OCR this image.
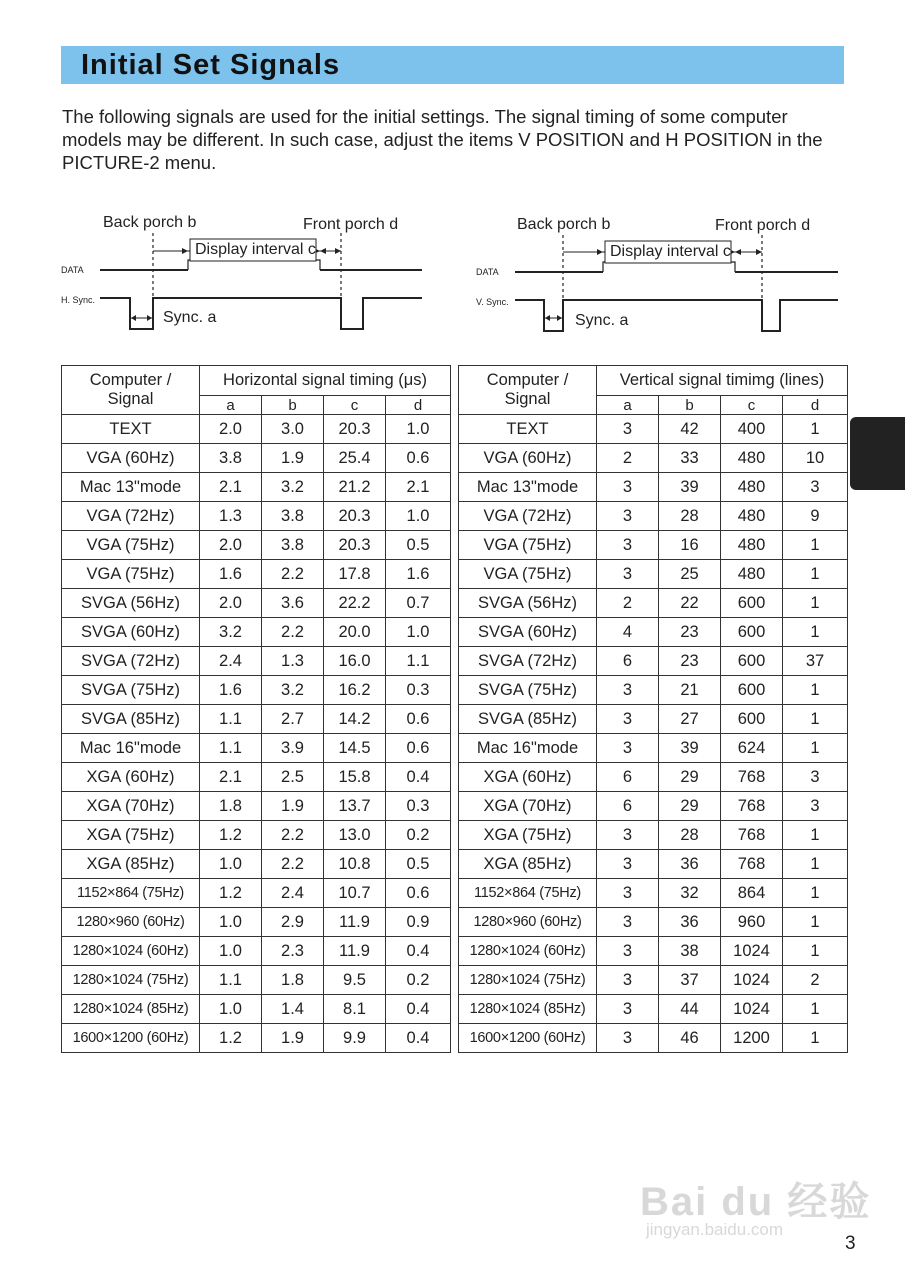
Initial Set Signals

The following signals are used for the initial settings. The signal timing of some computer models may be different. In such case, adjust the items V POSITION and H POSITION in the PICTURE-2 menu.

Back porch b	Front porch d
Display interval c
DATA
H. Sync.
Sync. a
Back porch b	Front porch d
Display interval c
DATA
V. Sync.
Sync. a
Computer /
Signal	Horizontal signal timing (μs)			
	a	b	c	d
TEXT	2.0	3.0	20.3	1.0
VGA (60Hz)	3.8	1.9	25.4	0.6
Mac 13"mode	2.1	3.2	21.2	2.1
VGA (72Hz)	1.3	3.8	20.3	1.0
VGA (75Hz)	2.0	3.8	20.3	0.5
VGA (75Hz)	1.6	2.2	17.8	1.6
SVGA (56Hz)	2.0	3.6	22.2	0.7
SVGA (60Hz)	3.2	2.2	20.0	1.0
SVGA (72Hz)	2.4	1.3	16.0	1.1
SVGA (75Hz)	1.6	3.2	16.2	0.3
SVGA (85Hz)	1.1	2.7	14.2	0.6
Mac 16"mode	1.1	3.9	14.5	0.6
XGA (60Hz)	2.1	2.5	15.8	0.4
XGA (70Hz)	1.8	1.9	13.7	0.3
XGA (75Hz)	1.2	2.2	13.0	0.2
XGA (85Hz)	1.0	2.2	10.8	0.5
1152×864 (75Hz)	1.2	2.4	10.7	0.6
1280×960 (60Hz)	1.0	2.9	11.9	0.9
1280×1024 (60Hz)	1.0	2.3	11.9	0.4
1280×1024 (75Hz)	1.1	1.8	9.5	0.2
1280×1024 (85Hz)	1.0	1.4	8.1	0.4
1600×1200 (60Hz)	1.2	1.9	9.9	0.4
Computer /
Signal	Vertical signal timimg (lines)			
	a	b	c	d
TEXT	3	42	400	1
VGA (60Hz)	2	33	480	10
Mac 13"mode	3	39	480	3
VGA (72Hz)	3	28	480	9
VGA (75Hz)	3	16	480	1
VGA (75Hz)	3	25	480	1
SVGA (56Hz)	2	22	600	1
SVGA (60Hz)	4	23	600	1
SVGA (72Hz)	6	23	600	37
SVGA (75Hz)	3	21	600	1
SVGA (85Hz)	3	27	600	1
Mac 16"mode	3	39	624	1
XGA (60Hz)	6	29	768	3
XGA (70Hz)	6	29	768	3
XGA (75Hz)	3	28	768	1
XGA (85Hz)	3	36	768	1
1152×864 (75Hz)	3	32	864	1
1280×960 (60Hz)	3	36	960	1
1280×1024 (60Hz)	3	38	1024	1
1280×1024 (75Hz)	3	37	1024	2
1280×1024 (85Hz)	3	44	1024	1
1600×1200 (60Hz)	3	46	1200	1
Bai du 经验
jingyan.baidu.com
3
